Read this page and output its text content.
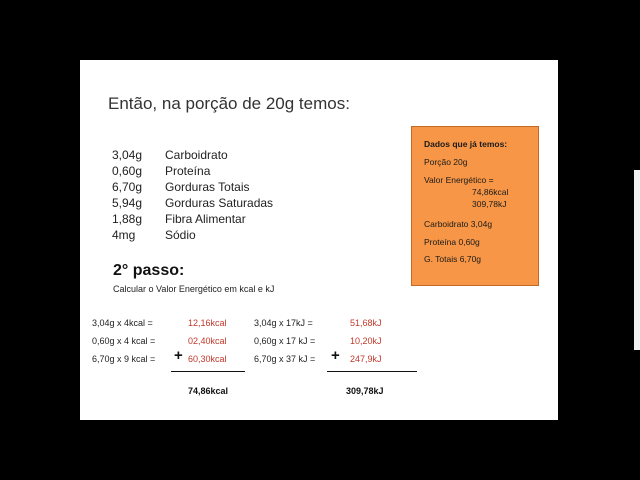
Então, na porção de 20g temos:
3,04g Carboidrato
0,60g Proteína
6,70g Gorduras Totais
5,94g Gorduras Saturadas
1,88g Fibra Alimentar
4mg Sódio
2° passo:
Calcular o Valor Energético em kcal e kJ
3,04g x 4kcal =	12,16kcal
0,60g x 4 kcal =	02,40kcal
6,70g x 9 kcal =	60,30kcal
3,04g x 17kJ =	51,68kJ
0,60g x 17 kJ =	10,20kJ
6,70g x 37 kJ =	247,9kJ
+	+
74,86kcal	309,78kJ
Dados que já temos:
Porção 20g
Valor Energético =
74,86kcal
309,78kJ
Carboidrato 3,04g
Proteína 0,60g
G. Totais 6,70g
